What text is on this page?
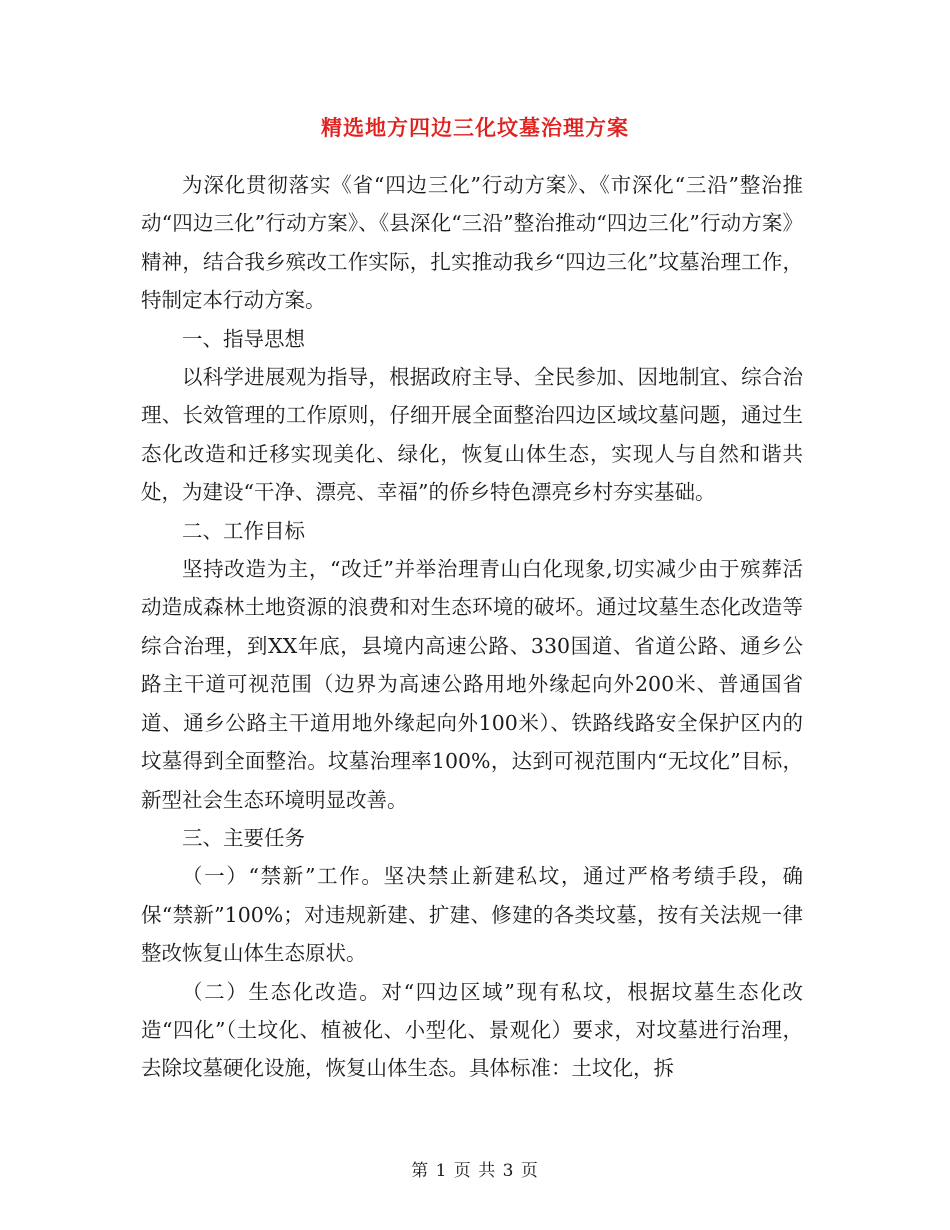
精选地方四边三化坟墓治理方案

为深化贯彻落实《省“四边三化”行动方案》、《市深化“三沿”整治推动“四边三化”行动方案》、《县深化“三沿”整治推动“四边三化”行动方案》精神，结合我乡殡改工作实际，扎实推动我乡“四边三化”坟墓治理工作，特制定本行动方案。

一、指导思想

以科学进展观为指导，根据政府主导、全民参加、因地制宜、综合治理、长效管理的工作原则，仔细开展全面整治四边区域坟墓问题，通过生态化改造和迁移实现美化、绿化，恢复山体生态，实现人与自然和谐共处，为建设“干净、漂亮、幸福”的侨乡特色漂亮乡村夯实基础。

二、工作目标

坚持改造为主，“改迁”并举治理青山白化现象,切实减少由于殡葬活动造成森林土地资源的浪费和对生态环境的破坏。通过坟墓生态化改造等综合治理，到XX年底，县境内高速公路、330国道、省道公路、通乡公路主干道可视范围（边界为高速公路用地外缘起向外200米、普通国省道、通乡公路主干道用地外缘起向外100米）、铁路线路安全保护区内的坟墓得到全面整治。坟墓治理率100%，达到可视范围内“无坟化”目标，新型社会生态环境明显改善。

三、主要任务

（一）“禁新”工作。坚决禁止新建私坟，通过严格考绩手段，确保“禁新”100%；对违规新建、扩建、修建的各类坟墓，按有关法规一律整改恢复山体生态原状。

（二）生态化改造。对“四边区域”现有私坟，根据坟墓生态化改造“四化”（土坟化、植被化、小型化、景观化）要求，对坟墓进行治理，去除坟墓硬化设施，恢复山体生态。具体标准：土坟化，拆

第 1 页 共 3 页
